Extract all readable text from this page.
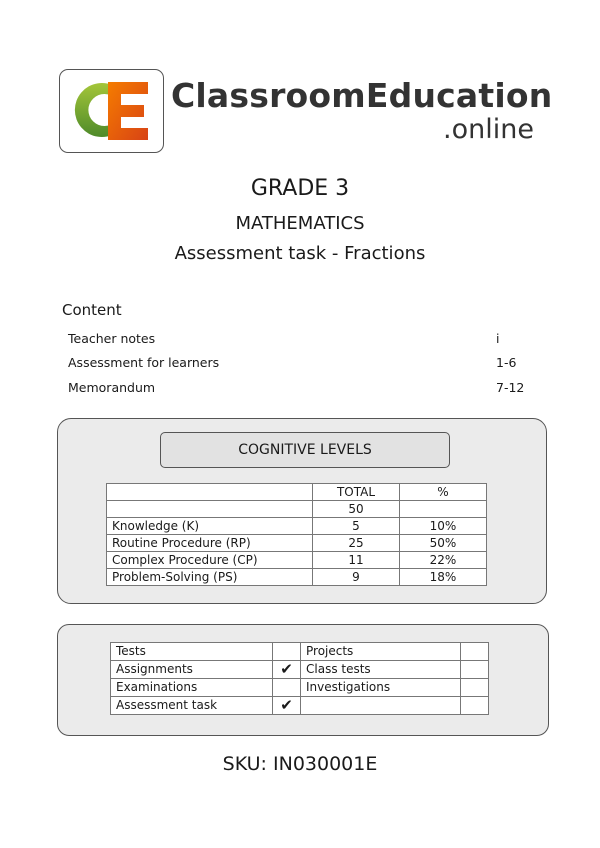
ClassroomEducation
.online
GRADE 3
MATHEMATICS
Assessment task - Fractions
Content
Teacher notes	i
Assessment for learners	1-6
Memorandum	7-12
COGNITIVE LEVELS
	TOTAL	%
	50	
Knowledge (K)	5	10%
Routine Procedure (RP)	25	50%
Complex Procedure (CP)	11	22%
Problem-Solving (PS)	9	18%
Tests		Projects	
Assignments	✔	Class tests	
Examinations		Investigations	
Assessment task	✔		
SKU: IN030001E
